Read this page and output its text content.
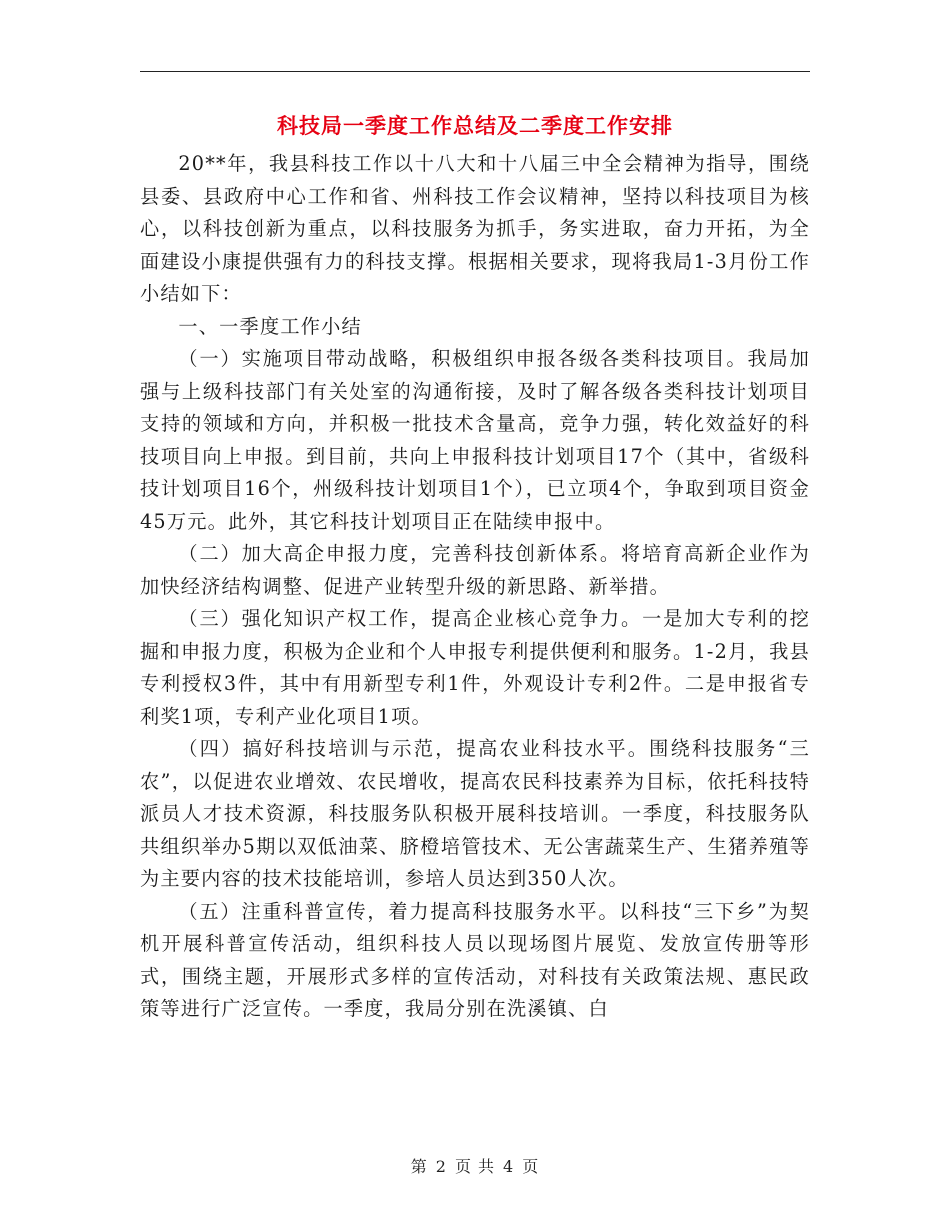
科技局一季度工作总结及二季度工作安排

20**年，我县科技工作以十八大和十八届三中全会精神为指导，围绕县委、县政府中心工作和省、州科技工作会议精神，坚持以科技项目为核心，以科技创新为重点，以科技服务为抓手，务实进取，奋力开拓，为全面建设小康提供强有力的科技支撑。根据相关要求，现将我局1-3月份工作小结如下：

一、一季度工作小结

（一）实施项目带动战略，积极组织申报各级各类科技项目。我局加强与上级科技部门有关处室的沟通衔接，及时了解各级各类科技计划项目支持的领域和方向，并积极一批技术含量高，竞争力强，转化效益好的科技项目向上申报。到目前，共向上申报科技计划项目17个（其中，省级科技计划项目16个，州级科技计划项目1个），已立项4个，争取到项目资金45万元。此外，其它科技计划项目正在陆续申报中。

（二）加大高企申报力度，完善科技创新体系。将培育高新企业作为加快经济结构调整、促进产业转型升级的新思路、新举措。

（三）强化知识产权工作，提高企业核心竞争力。一是加大专利的挖掘和申报力度，积极为企业和个人申报专利提供便利和服务。1-2月，我县专利授权3件，其中有用新型专利1件，外观设计专利2件。二是申报省专利奖1项，专利产业化项目1项。

（四）搞好科技培训与示范，提高农业科技水平。围绕科技服务“三农”，以促进农业增效、农民增收，提高农民科技素养为目标，依托科技特派员人才技术资源，科技服务队积极开展科技培训。一季度，科技服务队共组织举办5期以双低油菜、脐橙培管技术、无公害蔬菜生产、生猪养殖等为主要内容的技术技能培训，参培人员达到350人次。

（五）注重科普宣传，着力提高科技服务水平。以科技“三下乡”为契机开展科普宣传活动，组织科技人员以现场图片展览、发放宣传册等形式，围绕主题，开展形式多样的宣传活动，对科技有关政策法规、惠民政策等进行广泛宣传。一季度，我局分别在洗溪镇、白

第 2 页 共 4 页
